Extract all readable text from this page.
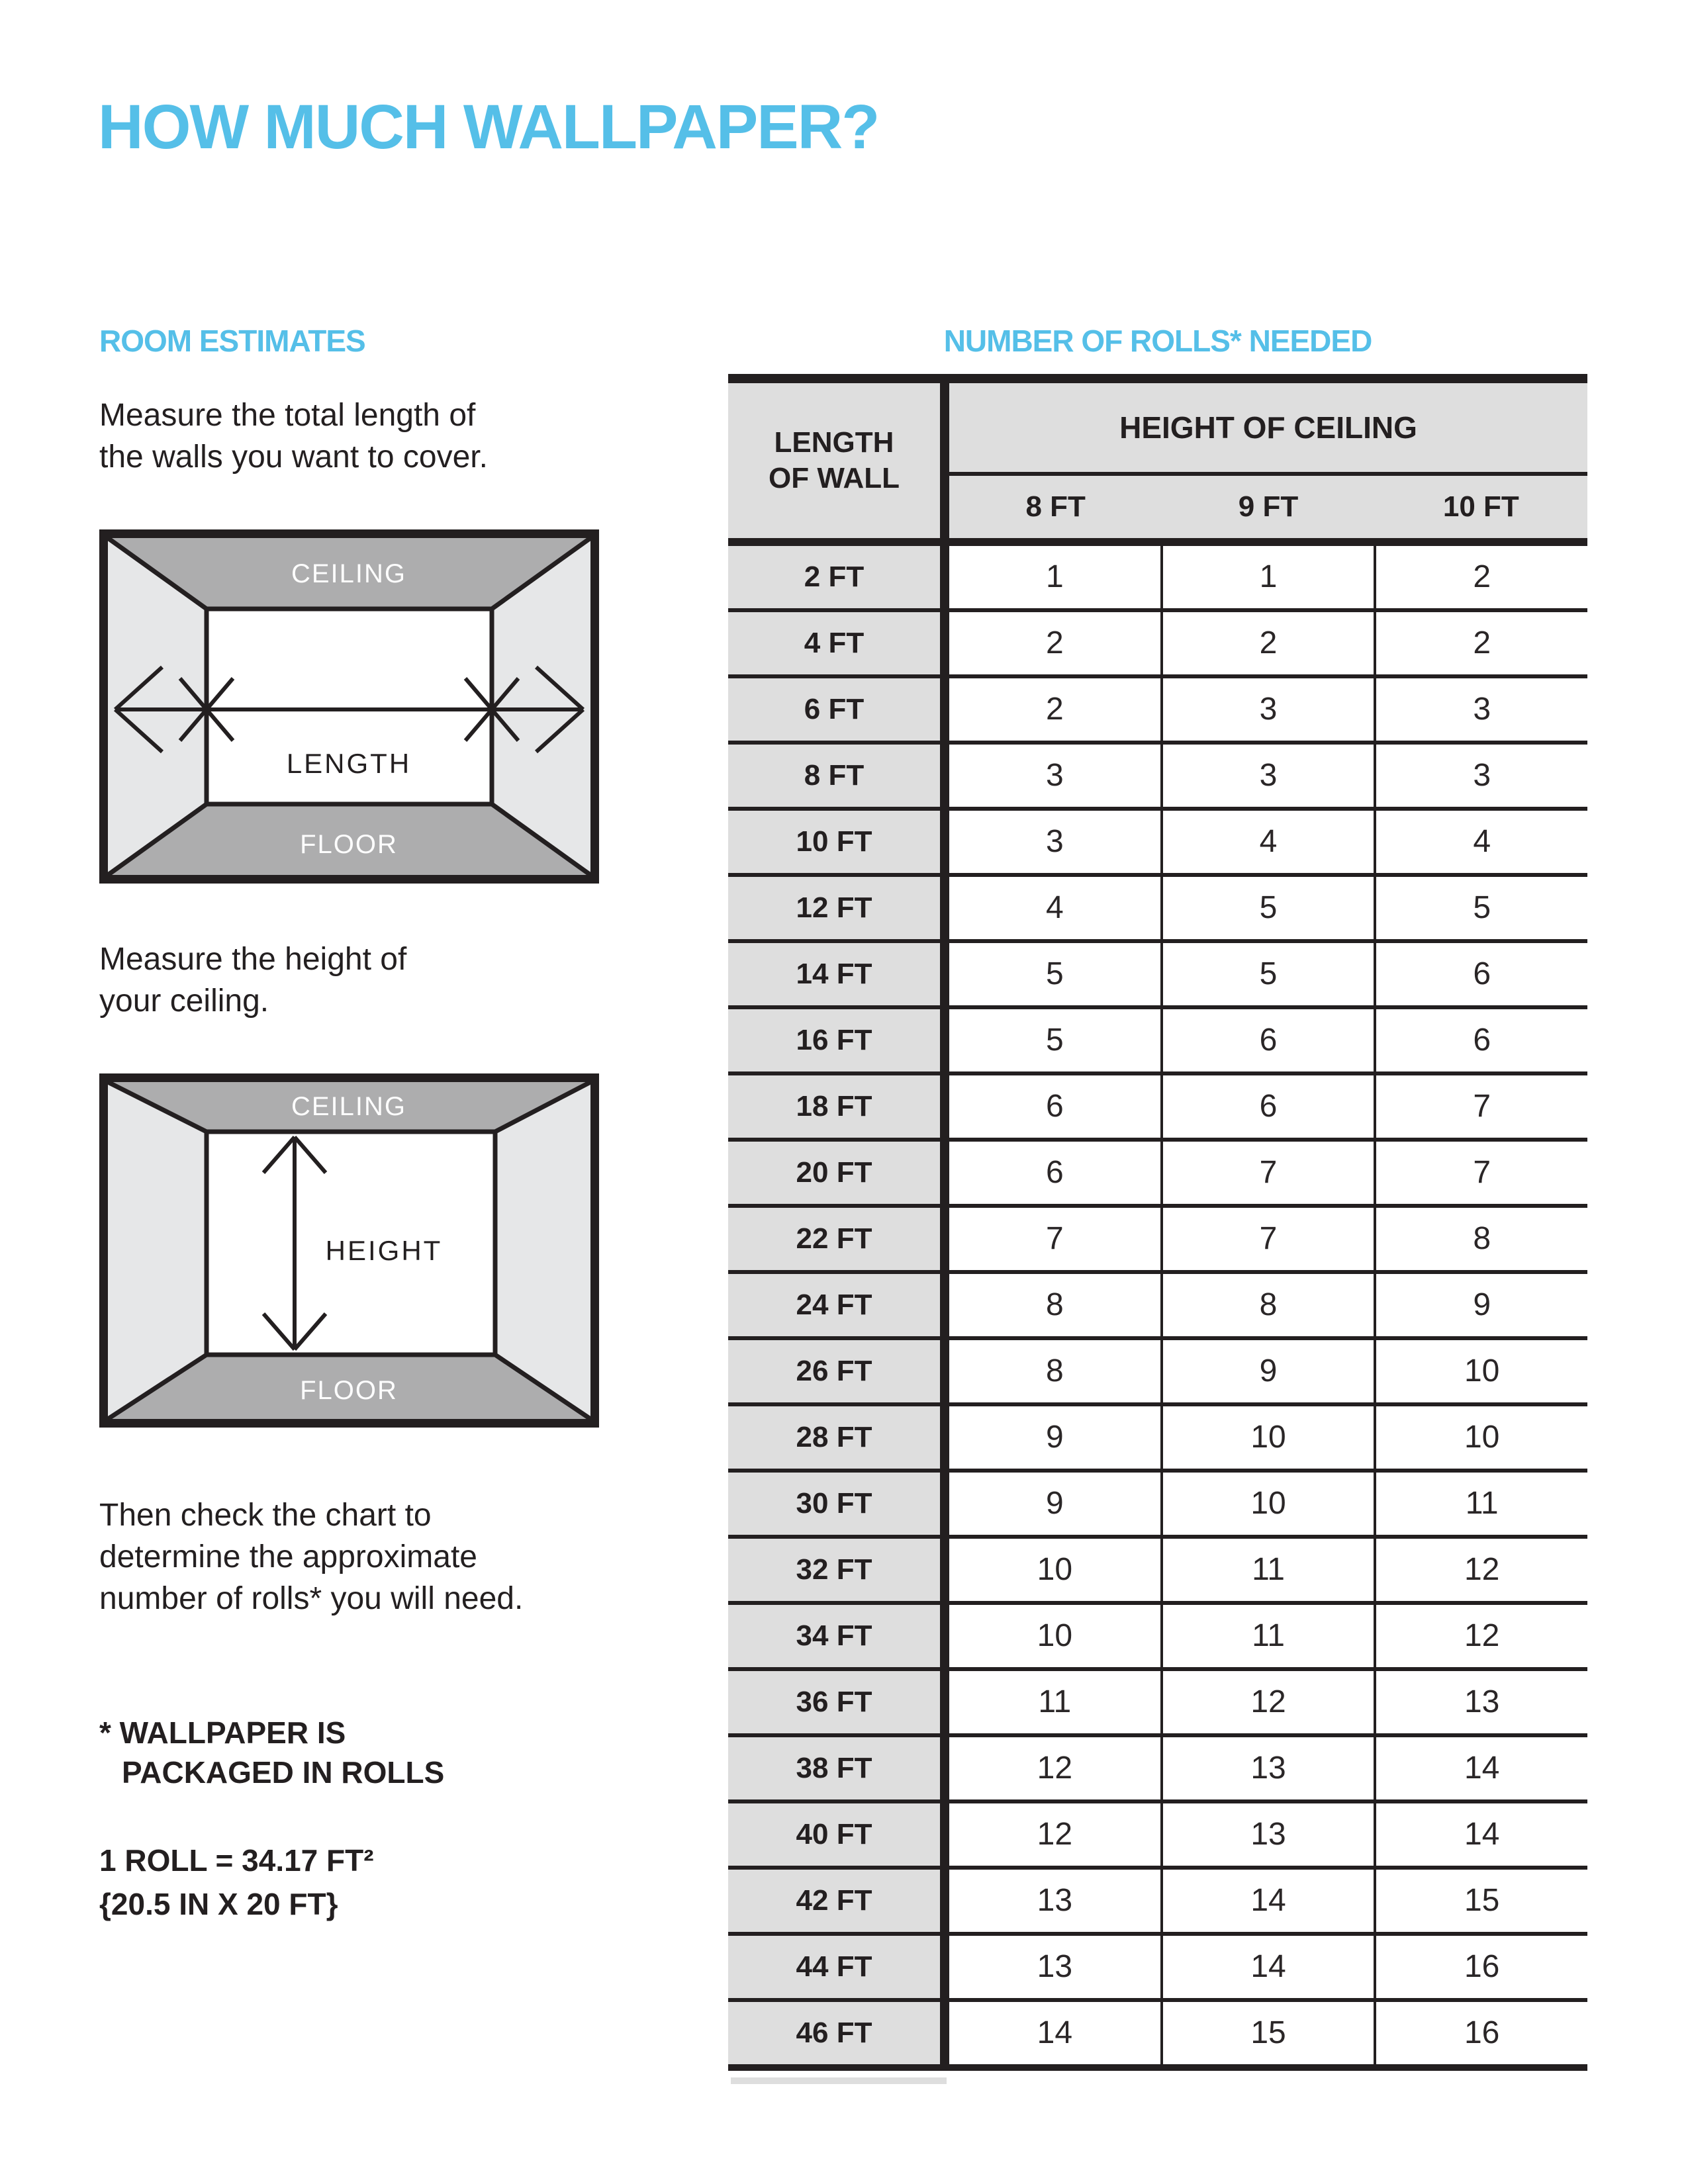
HOW MUCH WALLPAPER?
ROOM ESTIMATES
Measure the total length of
the walls you want to cover.
CEILING
FLOOR
LENGTH
Measure the height of
your ceiling.
CEILING
FLOOR
HEIGHT
Then check the chart to
determine the approximate
number of rolls* you will need.
* WALLPAPER IS
PACKAGED IN ROLLS
1 ROLL = 34.17 FT²
{20.5 IN X 20 FT}
NUMBER OF ROLLS* NEEDED
LENGTH
OF WALL
HEIGHT OF CEILING
8 FT	9 FT	10 FT
2 FT	1	1	2
4 FT	2	2	2
6 FT	2	3	3
8 FT	3	3	3
10 FT	3	4	4
12 FT	4	5	5
14 FT	5	5	6
16 FT	5	6	6
18 FT	6	6	7
20 FT	6	7	7
22 FT	7	7	8
24 FT	8	8	9
26 FT	8	9	10
28 FT	9	10	10
30 FT	9	10	11
32 FT	10	11	12
34 FT	10	11	12
36 FT	11	12	13
38 FT	12	13	14
40 FT	12	13	14
42 FT	13	14	15
44 FT	13	14	16
46 FT	14	15	16
